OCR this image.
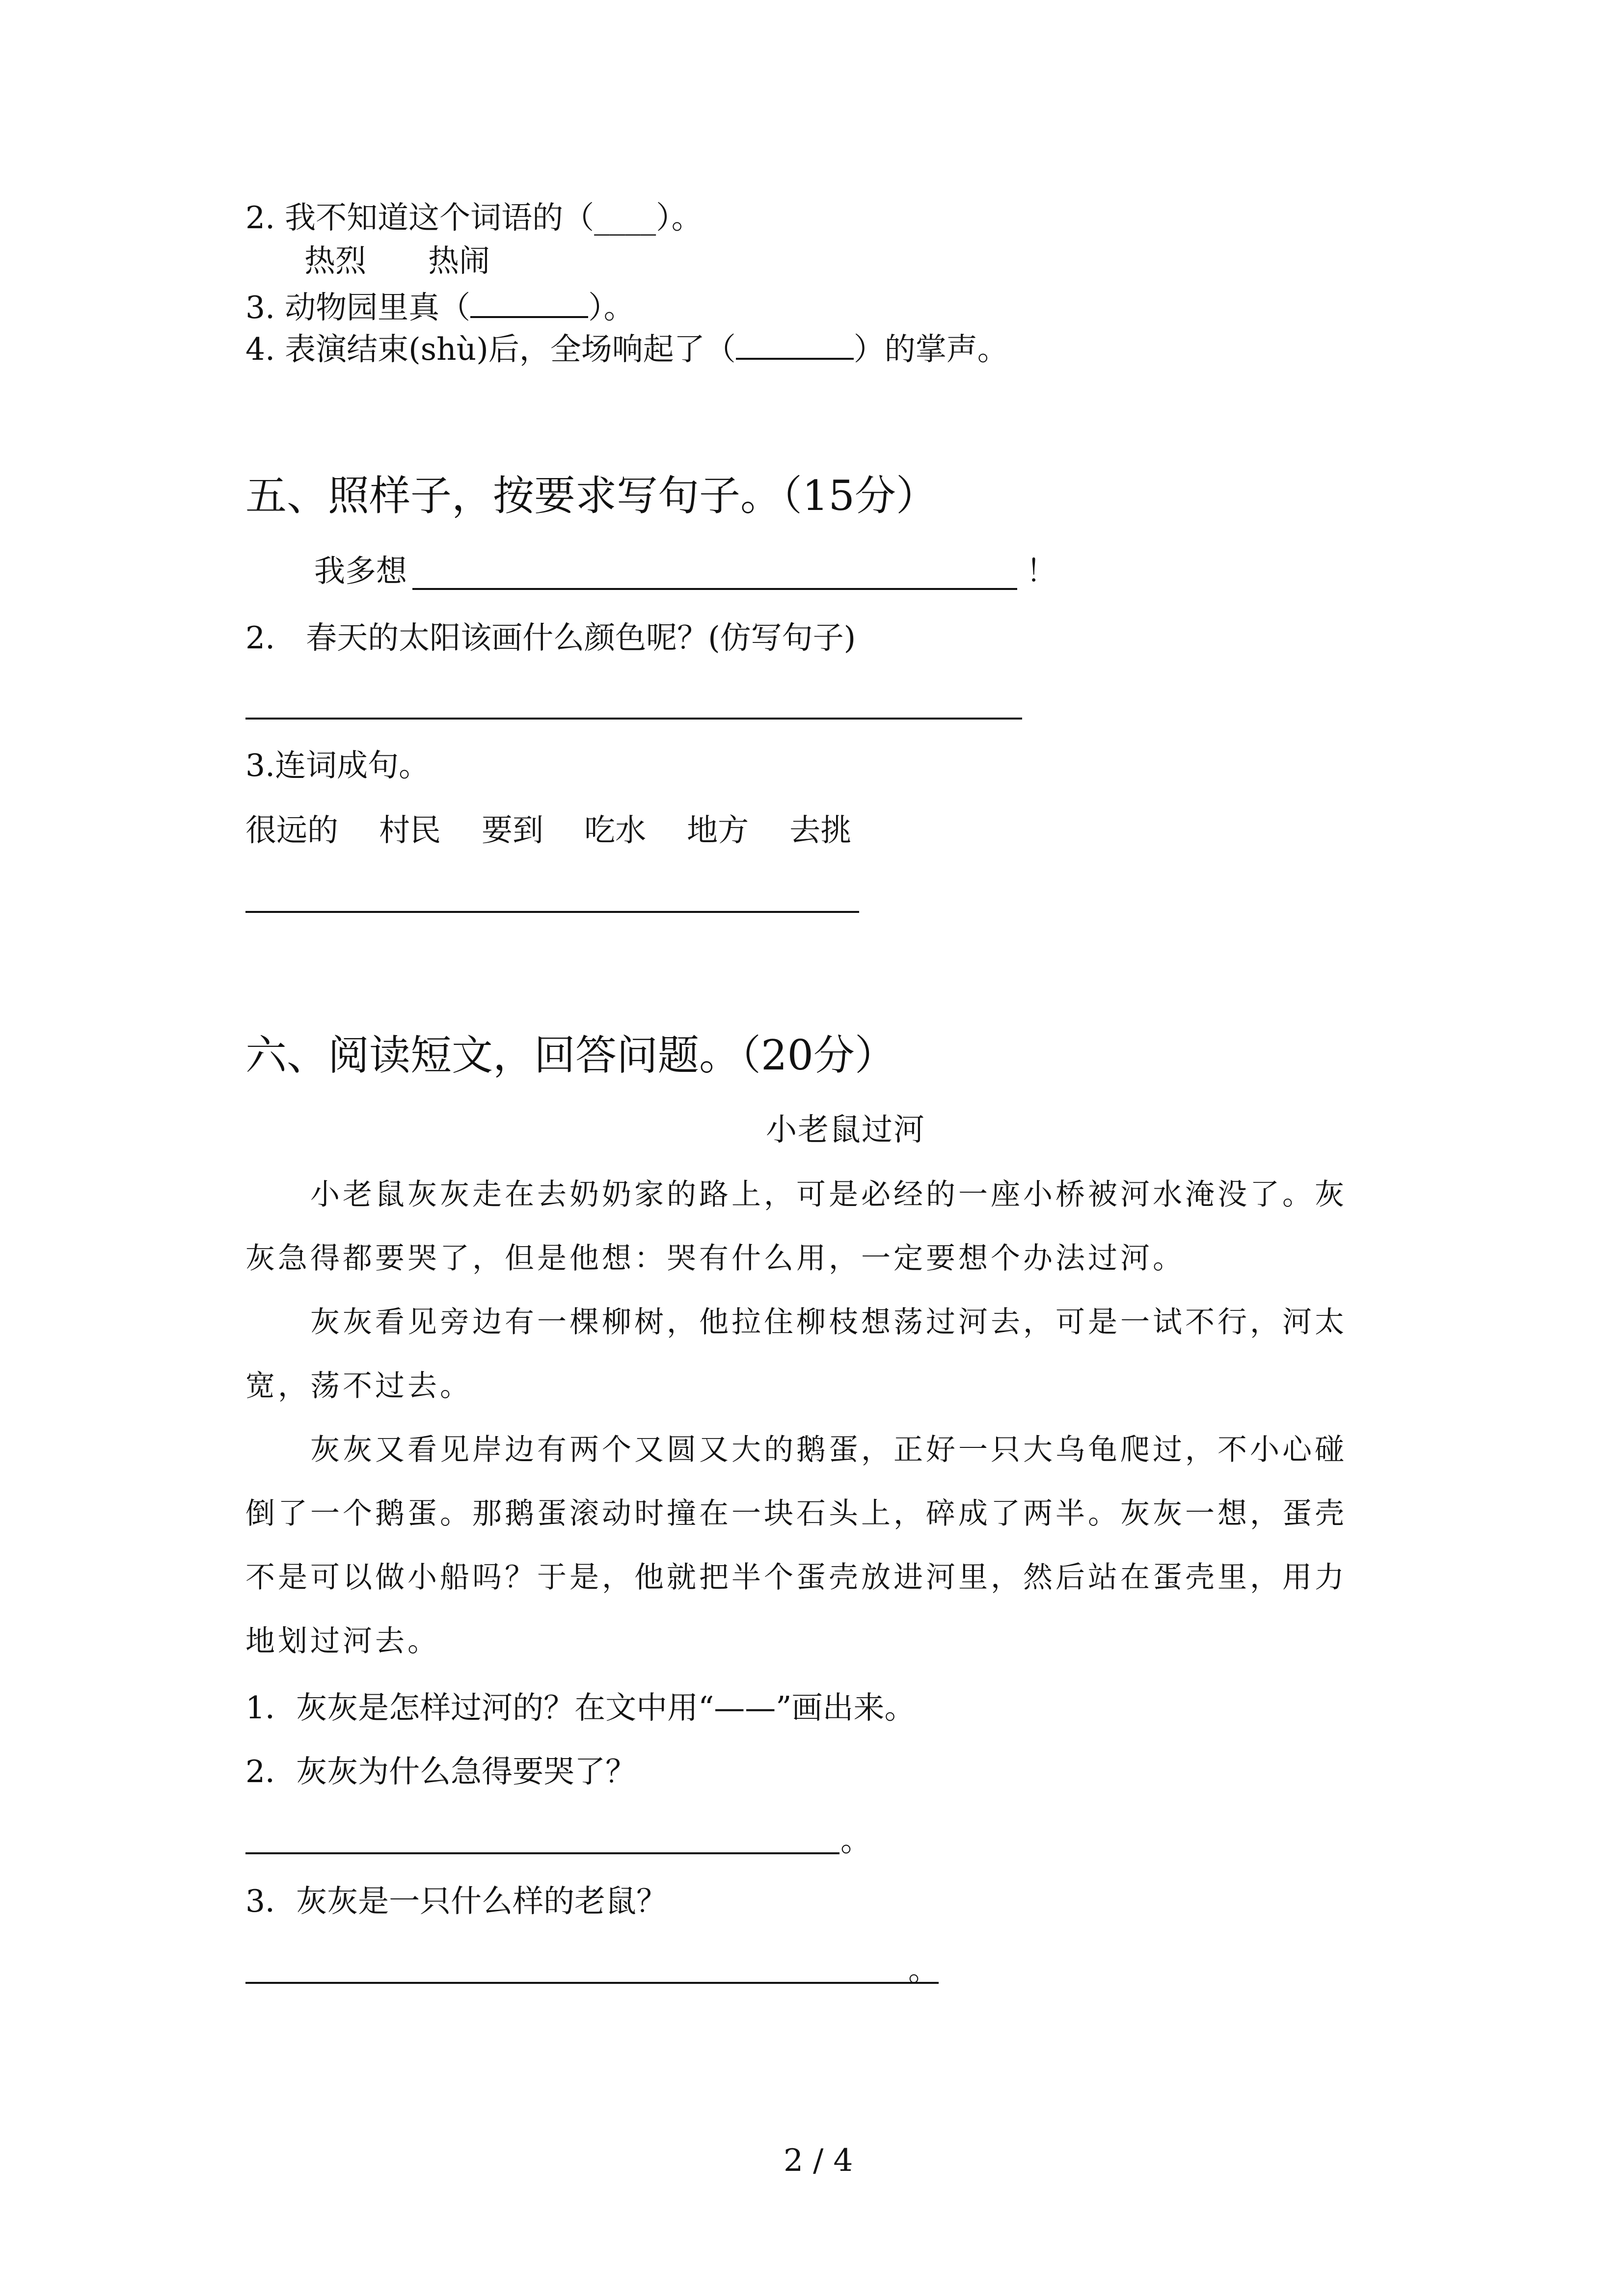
2. 我不知道这个词语的（____）。
热烈　　热闹
3. 动物园里真（	）。
4. 表演结束(shù)后，全场响起了（	）的掌声。
五、照样子，按要求写句子。（15分）
我多想	！
2.　春天的太阳该画什么颜色呢？(仿写句子)
3.连词成句。
很远的　 村民　 要到　 吃水　 地方　 去挑
六、阅读短文，回答问题。（20分）
小老鼠过河
　　小老鼠灰灰走在去奶奶家的路上，可是必经的一座小桥被河水淹没了。灰
灰急得都要哭了，但是他想：哭有什么用，一定要想个办法过河。
　　灰灰看见旁边有一棵柳树，他拉住柳枝想荡过河去，可是一试不行，河太
宽，荡不过去。
　　灰灰又看见岸边有两个又圆又大的鹅蛋，正好一只大乌龟爬过，不小心碰
倒了一个鹅蛋。那鹅蛋滚动时撞在一块石头上，碎成了两半。灰灰一想，蛋壳
不是可以做小船吗？于是，他就把半个蛋壳放进河里，然后站在蛋壳里，用力
地划过河去。
1．灰灰是怎样过河的？在文中用“——”画出来。
2．灰灰为什么急得要哭了？
。
3．灰灰是一只什么样的老鼠？
。
2 / 4
